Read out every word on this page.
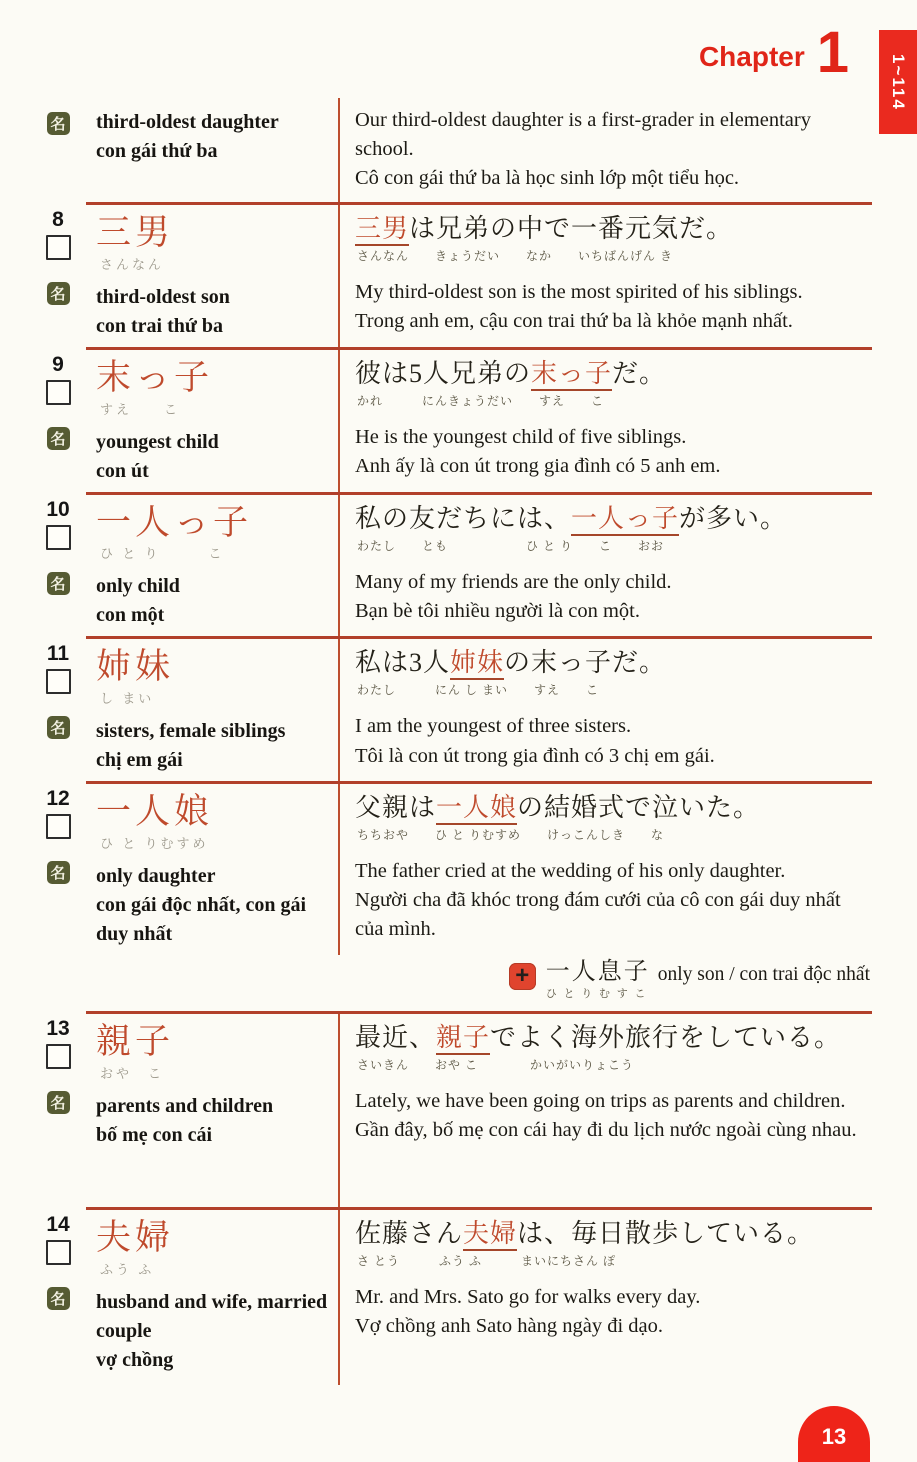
Chapter 1	1~114
名 third-oldest daughter
con gái thứ ba
Our third-oldest daughter is a first-grader in elementary school.
Cô con gái thứ ba là học sinh lớp một tiểu học.
8
名
三男
さんなん
third-oldest son
con trai thứ ba
三男は兄弟の中で一番元気だ。
さんなん　　きょうだい　　なか　　いちばんげん き
My third-oldest son is the most spirited of his siblings.
Trong anh em, cậu con trai thứ ba là khỏe mạnh nhất.
9
名
末っ子
すえ　　こ
youngest child
con út
彼は5人兄弟の末っ子だ。
かれ　　　にんきょうだい　　すえ　　こ
He is the youngest child of five siblings.
Anh ấy là con út trong gia đình có 5 anh em.
10
名
一人っ子
ひ と り　　　こ
only child
con một
私の友だちには、一人っ子が多い。
わたし　　とも　　　　　　ひ と り　　こ　　おお
Many of my friends are the only child.
Bạn bè tôi nhiều người là con một.
11
名
姉妹
し まい
sisters, female siblings
chị em gái
私は3人姉妹の末っ子だ。
わたし　　　にん し まい　　すえ　　こ
I am the youngest of three sisters.
Tôi là con út trong gia đình có 3 chị em gái.
12
名
一人娘
ひ と りむすめ
only daughter
con gái độc nhất, con gái duy nhất
父親は一人娘の結婚式で泣いた。
ちちおや　　ひ と りむすめ　　けっこんしき　　な
The father cried at the wedding of his only daughter.
Người cha đã khóc trong đám cưới của cô con gái duy nhất của mình.
+ 一人息子
ひ と り む す こ
only son / con trai độc nhất
13
名
親子
おや　こ
parents and children
bố mẹ con cái
最近、親子でよく海外旅行をしている。
さいきん　　おや こ　　　　かいがいりょこう
Lately, we have been going on trips as parents and children.
Gần đây, bố mẹ con cái hay đi du lịch nước ngoài cùng nhau.
14
名
夫婦
ふう ふ
husband and wife, married couple
vợ chồng
佐藤さん夫婦は、毎日散歩している。
さ とう　　　ふう ふ　　　まいにちさん ぽ
Mr. and Mrs. Sato go for walks every day.
Vợ chồng anh Sato hàng ngày đi dạo.
13
